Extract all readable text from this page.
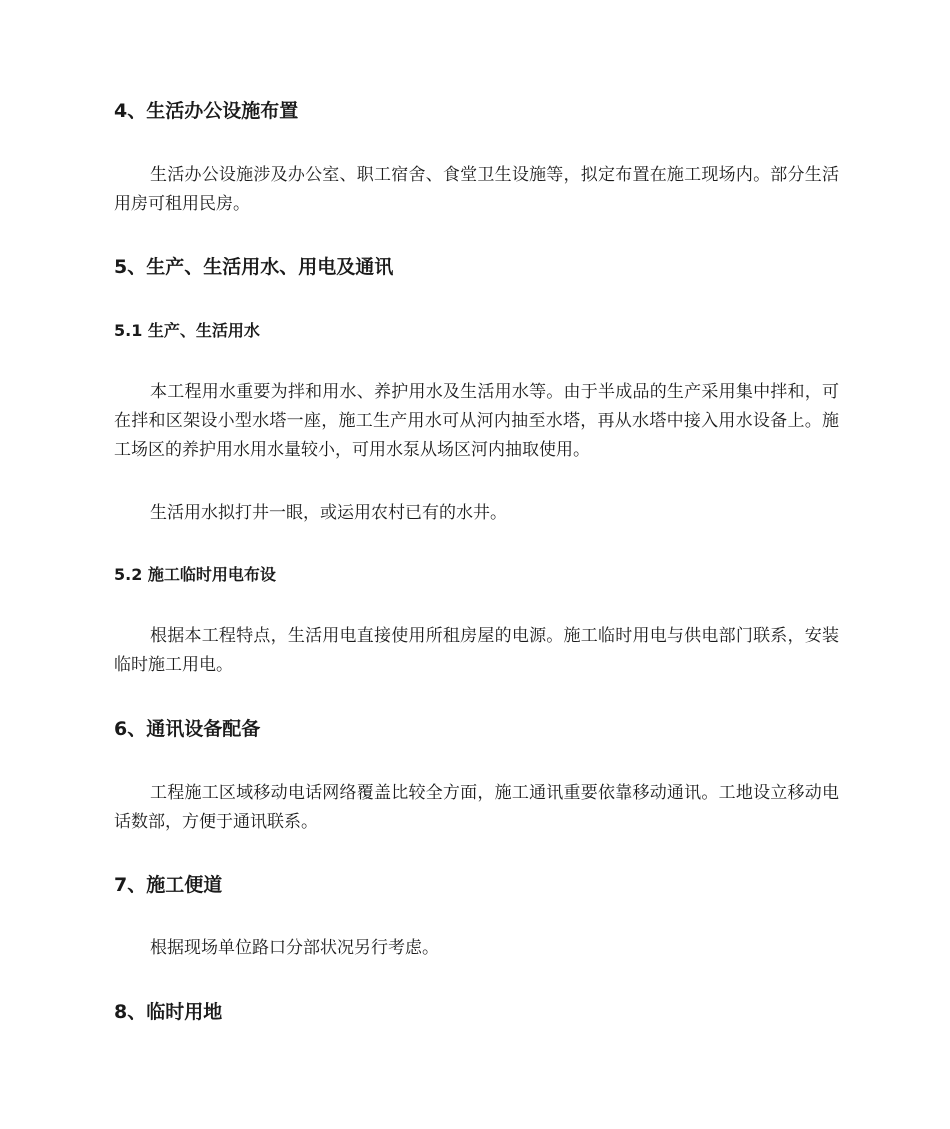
4、生活办公设施布置
生活办公设施涉及办公室、职工宿舍、食堂卫生设施等，拟定布置在施工现场内。部分生活用房可租用民房。
5、生产、生活用水、用电及通讯
5.1 生产、生活用水
本工程用水重要为拌和用水、养护用水及生活用水等。由于半成品的生产采用集中拌和，可在拌和区架设小型水塔一座，施工生产用水可从河内抽至水塔，再从水塔中接入用水设备上。施工场区的养护用水用水量较小，可用水泵从场区河内抽取使用。
生活用水拟打井一眼，或运用农村已有的水井。
5.2 施工临时用电布设
根据本工程特点，生活用电直接使用所租房屋的电源。施工临时用电与供电部门联系，安装临时施工用电。
6、通讯设备配备
工程施工区域移动电话网络覆盖比较全方面，施工通讯重要依靠移动通讯。工地设立移动电话数部，方便于通讯联系。
7、施工便道
根据现场单位路口分部状况另行考虑。
8、临时用地
